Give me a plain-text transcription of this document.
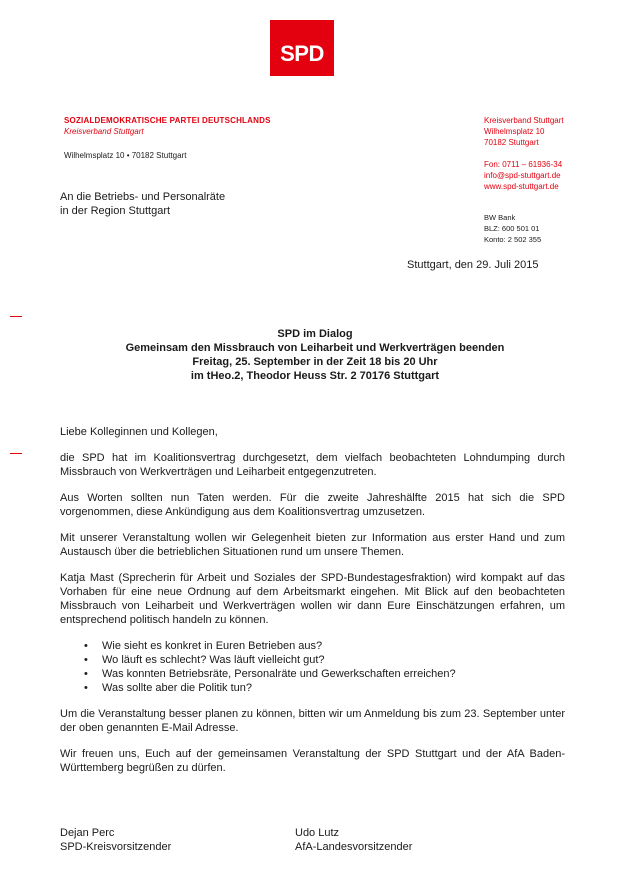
SPD
SOZIALDEMOKRATISCHE PARTEI DEUTSCHLANDS
Kreisverband Stuttgart
Wilhelmsplatz 10 • 70182 Stuttgart
An die Betriebs- und Personalräte
in der Region Stuttgart
Kreisverband Stuttgart
Wilhelmsplatz 10
70182 Stuttgart
Fon: 0711 – 61936-34
info@spd-stuttgart.de
www.spd-stuttgart.de
BW Bank
BLZ: 600 501 01
Konto: 2 502 355
Stuttgart, den 29. Juli 2015
SPD im Dialog
Gemeinsam den Missbrauch von Leiharbeit und Werkverträgen beenden
Freitag, 25. September in der Zeit 18 bis 20 Uhr
im tHeo.2, Theodor Heuss Str. 2 70176 Stuttgart

Liebe Kolleginnen und Kollegen,

die SPD hat im Koalitionsvertrag durchgesetzt, dem vielfach beobachteten Lohndumping durch Missbrauch von Werkverträgen und Leiharbeit entgegenzutreten.

Aus Worten sollten nun Taten werden. Für die zweite Jahreshälfte 2015 hat sich die SPD vorgenommen, diese Ankündigung aus dem Koalitionsvertrag umzusetzen.

Mit unserer Veranstaltung wollen wir Gelegenheit bieten zur Information aus erster Hand und zum Austausch über die betrieblichen Situationen rund um unsere Themen.

Katja Mast (Sprecherin für Arbeit und Soziales der SPD-Bundestagesfraktion) wird kompakt auf das Vorhaben für eine neue Ordnung auf dem Arbeitsmarkt eingehen. Mit Blick auf den beobachteten Missbrauch von Leiharbeit und Werkverträgen wollen wir dann Eure Einschätzungen erfahren, um entsprechend politisch handeln zu können.

• Wie sieht es konkret in Euren Betrieben aus?
• Wo läuft es schlecht? Was läuft vielleicht gut?
• Was konnten Betriebsräte, Personalräte und Gewerkschaften erreichen?
• Was sollte aber die Politik tun?

Um die Veranstaltung besser planen zu können, bitten wir um Anmeldung bis zum 23. September unter der oben genannten E-Mail Adresse.

Wir freuen uns, Euch auf der gemeinsamen Veranstaltung der SPD Stuttgart und der AfA Baden-Württemberg begrüßen zu dürfen.

Dejan Perc
SPD-Kreisvorsitzender
Udo Lutz
AfA-Landesvorsitzender
